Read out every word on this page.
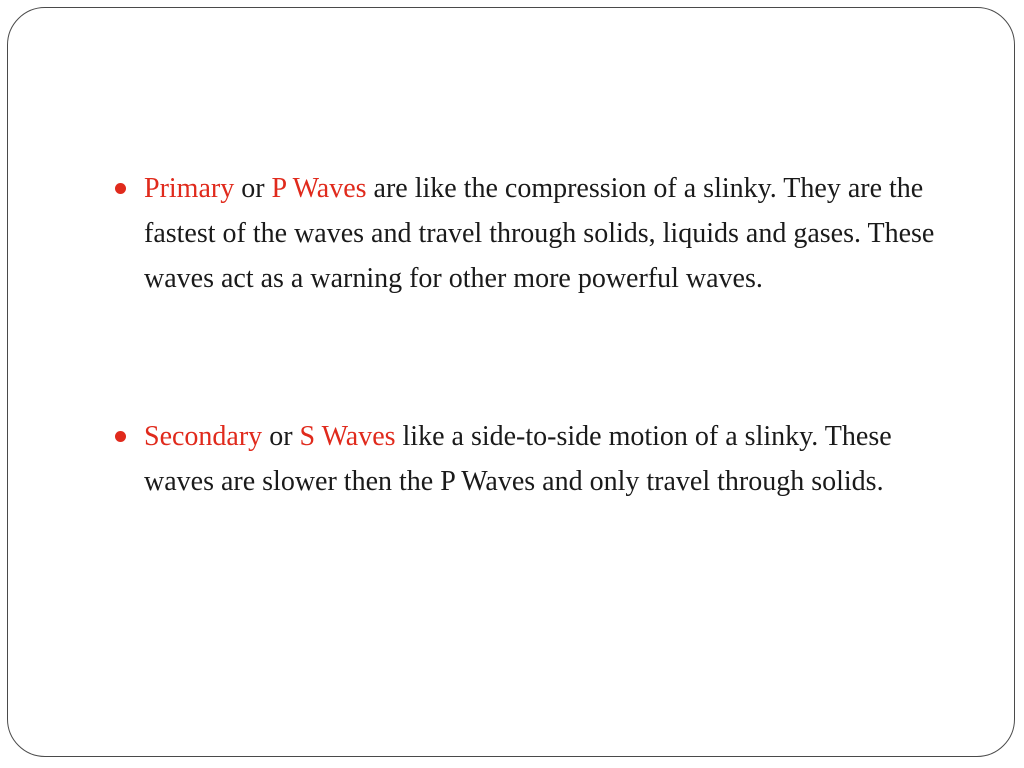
Primary or P Waves are like the compression of a slinky. They are the fastest of the waves and travel through solids, liquids and gases. These waves act as a warning for other more powerful waves.
Secondary or S Waves like a side-to-side motion of a slinky. These waves are slower then the P Waves and only travel through solids.
